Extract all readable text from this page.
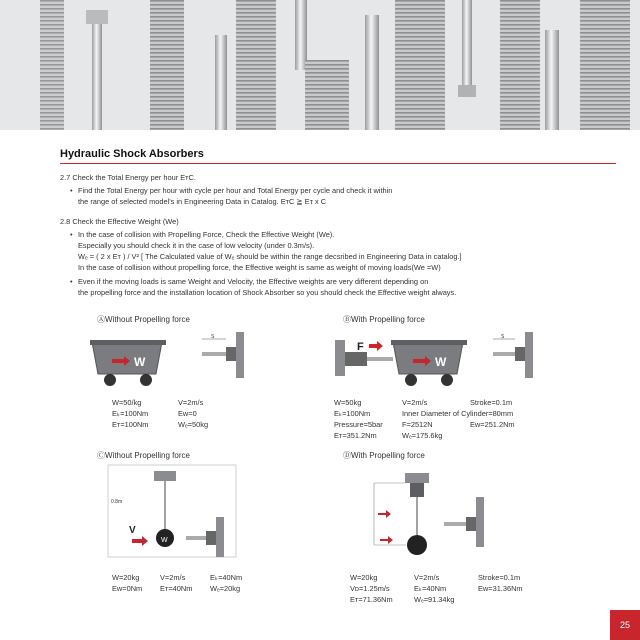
Hydraulic Shock Absorbers
2.7 Check the Total Energy per hour EᴛC.
• Find the Total Energy per hour with cycle per hour and Total Energy per cycle and check it within
the range of selected model's in Engineering Data in Catalog. EᴛC ≧ Eᴛ x C
2.8 Check the Effective Weight (We)
• In the case of collision with Propelling Force, Check the Effective Weight (We).
Especially you should check it in the case of low velocity (under 0.3m/s).
Wₑ = ( 2 x Eᴛ ) / V² [ The Calculated value of Wₑ should be within the range decsribed in Engineering Data in catalog.]
In the case of collision without propelling force, the Effective weight is same as weight of moving loads(We =W)
• Even if the moving loads is same Weight and Velocity, the Effective weights are very different depending on
the propelling force and the installation location of Shock Absorber so you should check the Effective weight always.
ⒶWithout Propelling force
W
S
W=50/kg	V=2m/s
Eₖ=100Nm	Eᴡ=0
Eᴛ=100Nm	Wₑ=50kg
ⒷWith Propelling force
F
W
S
W=50kg	V=2m/s	Stroke=0.1m
Eₖ=100Nm	Inner Diameter of Cylinder=80mm
Pressure=5bar	F=2512N	Eᴡ=251.2Nm
Eᴛ=351.2Nm	Wₑ=175.6kg
ⒸWithout Propelling force
W
0.8m
V
W=20kg	V=2m/s	Eₖ=40Nm
Eᴡ=0Nm Eᴛ=40Nm Wₑ=20kg
ⒹWith Propelling force
W=20kg	V=2m/s	Stroke=0.1m
Vᴅ=1.25m/s	Eₖ=40Nm	Eᴡ=31.36Nm
Eᴛ=71.36Nm	Wₑ=91.34kg
25
